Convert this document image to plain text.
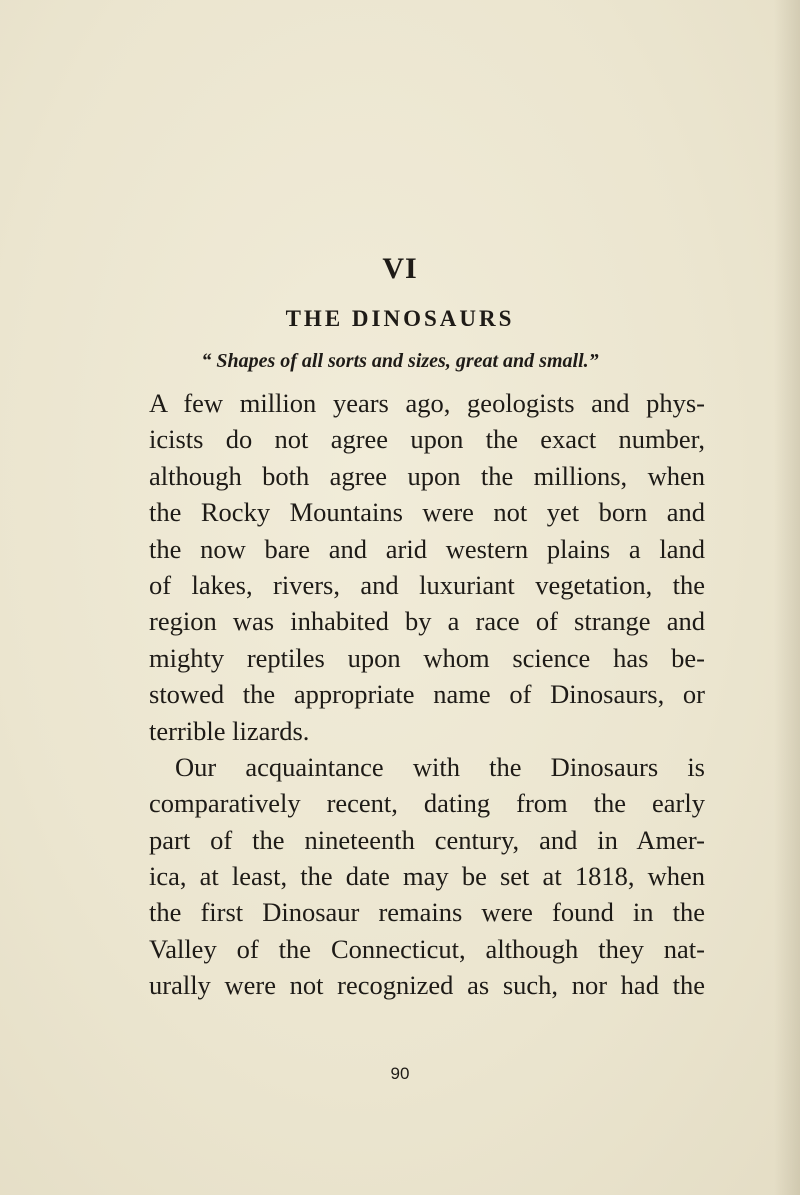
VI
THE DINOSAURS

“ Shapes of all sorts and sizes, great and small.”

A few million years ago, geologists and phys-
icists do not agree upon the exact number,
although both agree upon the millions, when
the Rocky Mountains were not yet born and
the now bare and arid western plains a land
of lakes, rivers, and luxuriant vegetation, the
region was inhabited by a race of strange and
mighty reptiles upon whom science has be-
stowed the appropriate name of Dinosaurs, or
terrible lizards.
Our acquaintance with the Dinosaurs is
comparatively recent, dating from the early
part of the nineteenth century, and in Amer-
ica, at least, the date may be set at 1818, when
the first Dinosaur remains were found in the
Valley of the Connecticut, although they nat-
urally were not recognized as such, nor had the

90
